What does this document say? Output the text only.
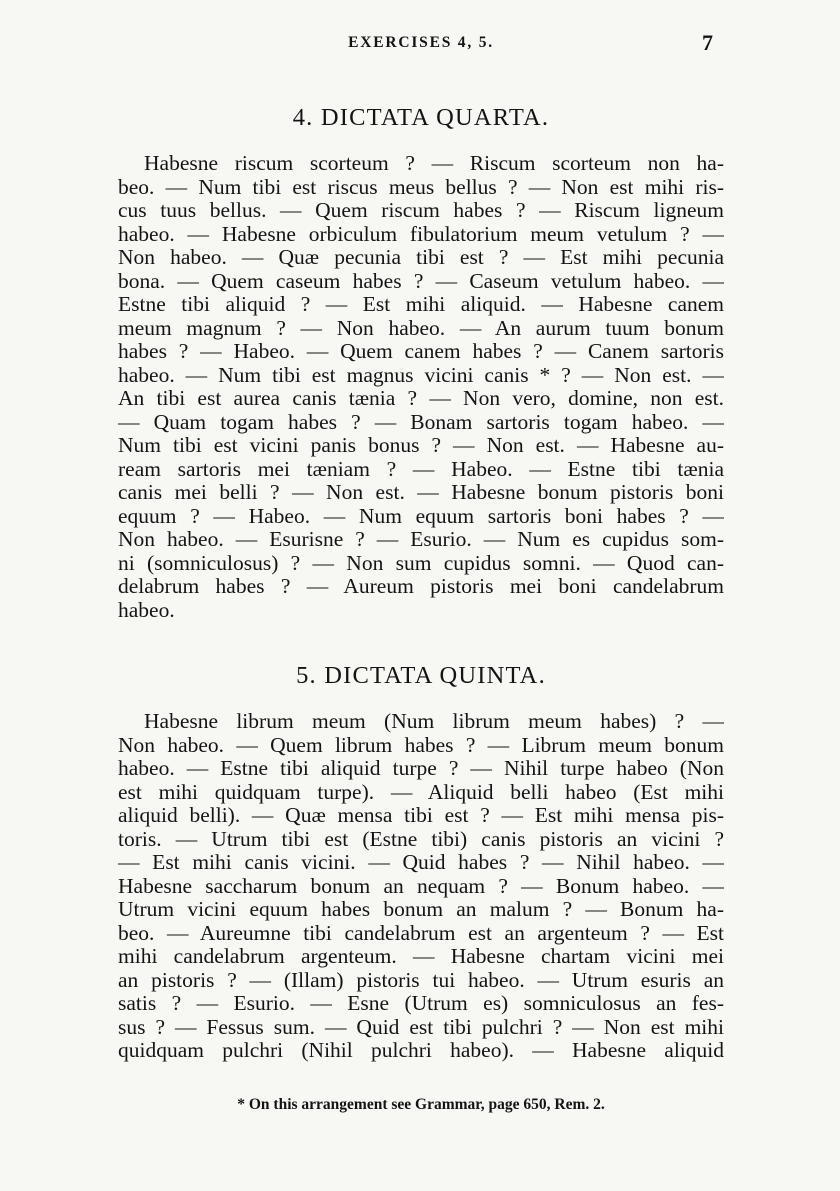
EXERCISES 4, 5.	7
4. DICTATA QUARTA.
Habesne riscum scorteum ? — Riscum scorteum non ha-
beo. — Num tibi est riscus meus bellus ? — Non est mihi ris-
cus tuus bellus. — Quem riscum habes ? — Riscum ligneum
habeo. — Habesne orbiculum fibulatorium meum vetulum ? —
Non habeo. — Quæ pecunia tibi est ? — Est mihi pecunia
bona. — Quem caseum habes ? — Caseum vetulum habeo. —
Estne tibi aliquid ? — Est mihi aliquid. — Habesne canem
meum magnum ? — Non habeo. — An aurum tuum bonum
habes ? — Habeo. — Quem canem habes ? — Canem sartoris
habeo. — Num tibi est magnus vicini canis * ? — Non est. —
An tibi est aurea canis tænia ? — Non vero, domine, non est.
— Quam togam habes ? — Bonam sartoris togam habeo. —
Num tibi est vicini panis bonus ? — Non est. — Habesne au-
ream sartoris mei tæniam ? — Habeo. — Estne tibi tænia
canis mei belli ? — Non est. — Habesne bonum pistoris boni
equum ? — Habeo. — Num equum sartoris boni habes ? —
Non habeo. — Esurisne ? — Esurio. — Num es cupidus som-
ni (somniculosus) ? — Non sum cupidus somni. — Quod can-
delabrum habes ? — Aureum pistoris mei boni candelabrum
habeo.
5. DICTATA QUINTA.
Habesne librum meum (Num librum meum habes) ? —
Non habeo. — Quem librum habes ? — Librum meum bonum
habeo. — Estne tibi aliquid turpe ? — Nihil turpe habeo (Non
est mihi quidquam turpe). — Aliquid belli habeo (Est mihi
aliquid belli). — Quæ mensa tibi est ? — Est mihi mensa pis-
toris. — Utrum tibi est (Estne tibi) canis pistoris an vicini ?
— Est mihi canis vicini. — Quid habes ? — Nihil habeo. —
Habesne saccharum bonum an nequam ? — Bonum habeo. —
Utrum vicini equum habes bonum an malum ? — Bonum ha-
beo. — Aureumne tibi candelabrum est an argenteum ? — Est
mihi candelabrum argenteum. — Habesne chartam vicini mei
an pistoris ? — (Illam) pistoris tui habeo. — Utrum esuris an
satis ? — Esurio. — Esne (Utrum es) somniculosus an fes-
sus ? — Fessus sum. — Quid est tibi pulchri ? — Non est mihi
quidquam pulchri (Nihil pulchri habeo). — Habesne aliquid
* On this arrangement see Grammar, page 650, Rem. 2.
